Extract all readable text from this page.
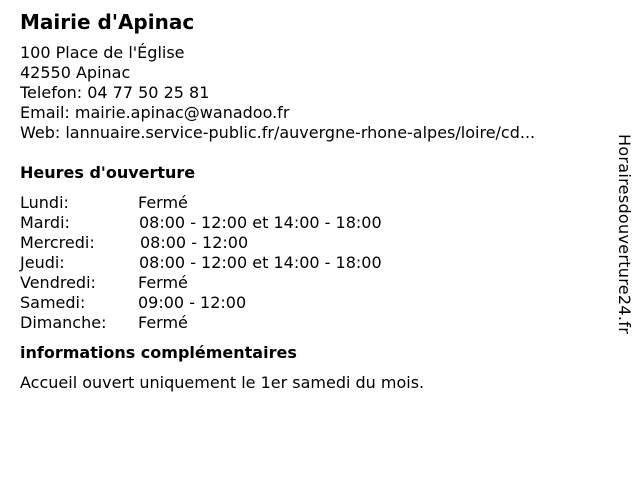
Mairie d'Apinac
100 Place de l'Église
42550 Apinac
Telefon: 04 77 50 25 81
Email: mairie.apinac@wanadoo.fr
Web: lannuaire.service-public.fr/auvergne-rhone-alpes/loire/cd...
Heures d'ouverture
Lundi:	Fermé
Mardi:	08:00 - 12:00 et 14:00 - 18:00
Mercredi:	08:00 - 12:00
Jeudi:	08:00 - 12:00 et 14:00 - 18:00
Vendredi:	Fermé
Samedi:	09:00 - 12:00
Dimanche:	Fermé
informations complémentaires
Accueil ouvert uniquement le 1er samedi du mois.
Horairesdouverture24.fr
